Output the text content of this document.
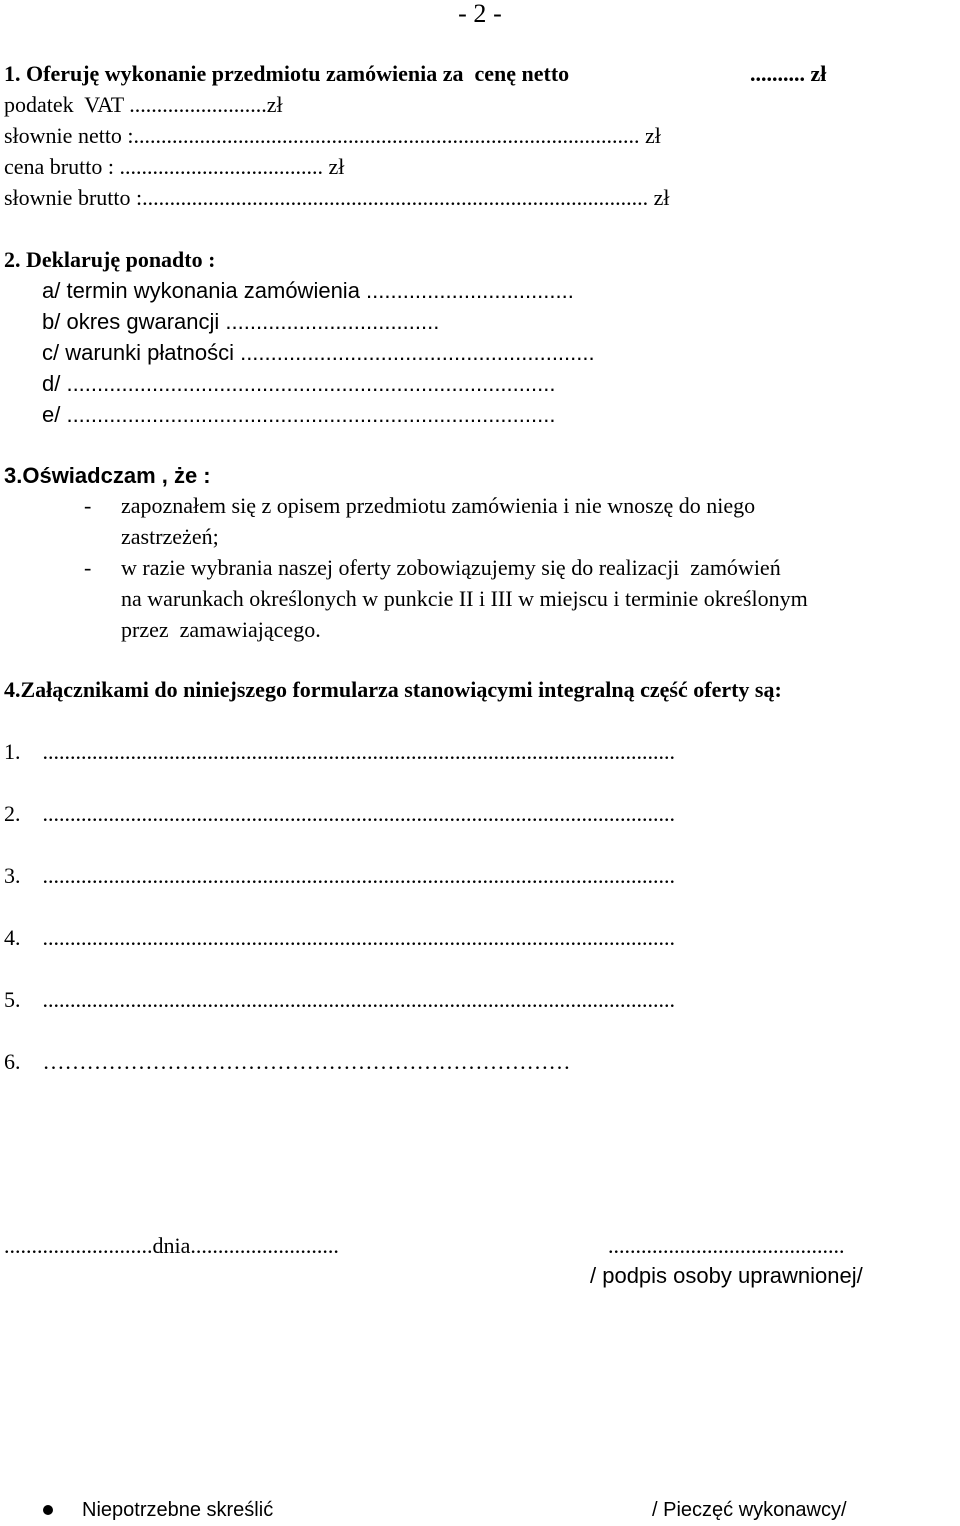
- 2 -
1. Oferuję wykonanie przedmiotu zamówienia za  cenę netto	.......... zł
podatek  VAT .........................zł
słownie netto :............................................................................................ zł
cena brutto : ..................................... zł
słownie brutto :............................................................................................ zł
2. Deklaruję ponadto :
a/ termin wykonania zamówienia ..................................
b/ okres gwarancji ...................................
c/ warunki płatności ..........................................................
d/ ................................................................................
e/ ................................................................................
3.Oświadczam , że :
- zapoznałem się z opisem przedmiotu zamówienia i nie wnoszę do niego
zastrzeżeń;
- w razie wybrania naszej oferty zobowiązujemy się do realizacji  zamówień
na warunkach określonych w punkcie II i III w miejscu i terminie określonym
przez  zamawiającego.
4.Załącznikami do niniejszego formularza stanowiącymi integralną część oferty są:
1.    ...................................................................................................................
2.    ...................................................................................................................
3.    ...................................................................................................................
4.    ...................................................................................................................
5.    ...................................................................................................................
6.    ………………………………………………………………
...........................dnia...........................	...........................................
/ podpis osoby uprawnionej/
Niepotrzebne skreślić	/ Pieczęć wykonawcy/
